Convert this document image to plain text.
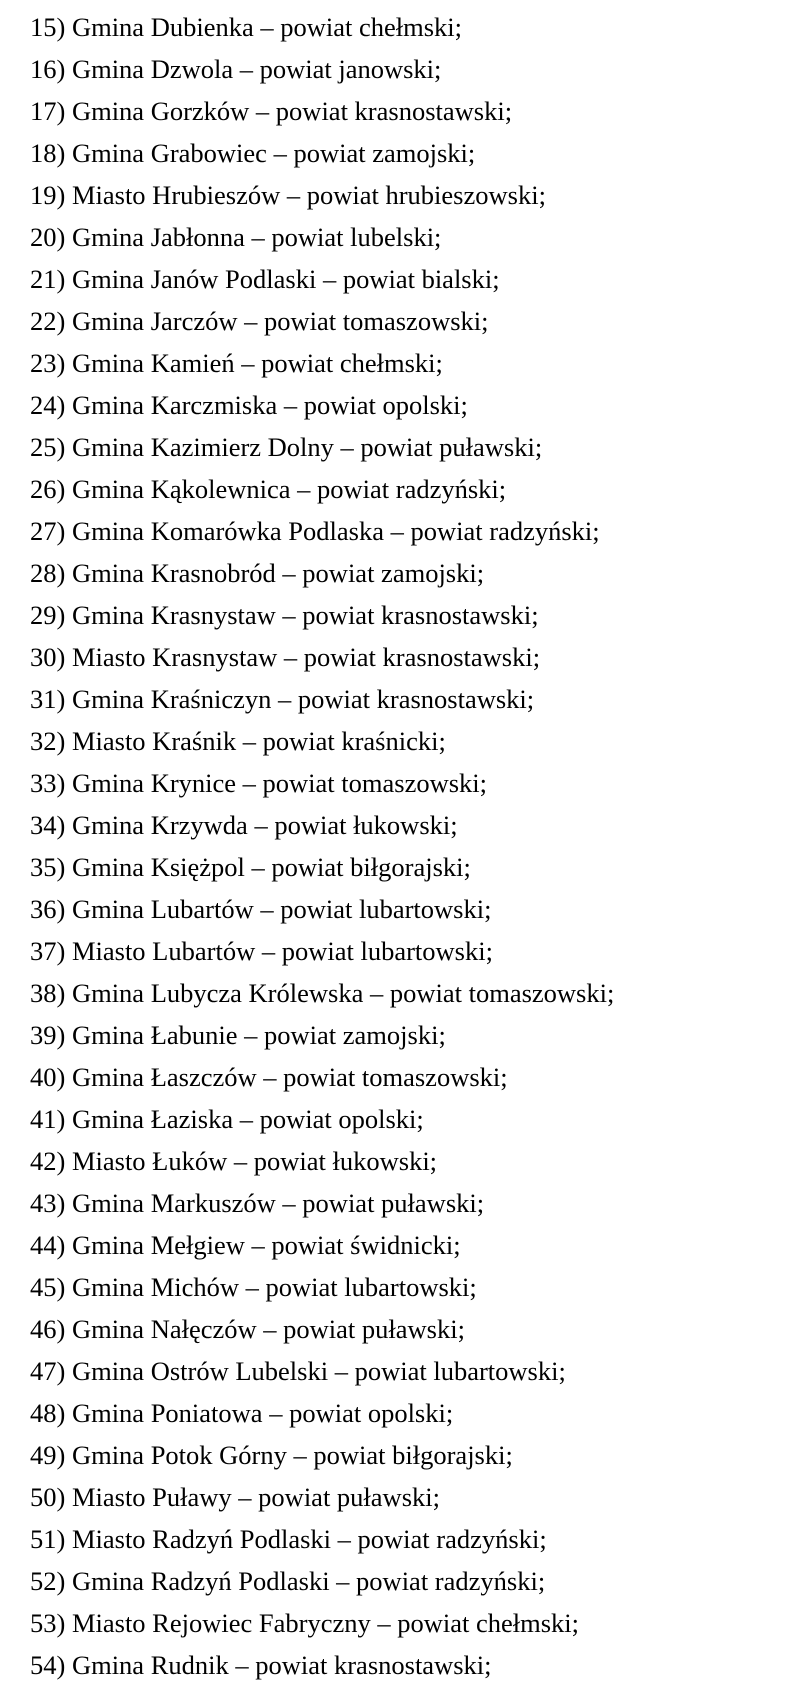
15) Gmina Dubienka – powiat chełmski;
16) Gmina Dzwola – powiat janowski;
17) Gmina Gorzków – powiat krasnostawski;
18) Gmina Grabowiec – powiat zamojski;
19) Miasto Hrubieszów – powiat hrubieszowski;
20) Gmina Jabłonna – powiat lubelski;
21) Gmina Janów Podlaski – powiat bialski;
22) Gmina Jarczów – powiat tomaszowski;
23) Gmina Kamień – powiat chełmski;
24) Gmina Karczmiska – powiat opolski;
25) Gmina Kazimierz Dolny – powiat puławski;
26) Gmina Kąkolewnica – powiat radzyński;
27) Gmina Komarówka Podlaska – powiat radzyński;
28) Gmina Krasnobród – powiat zamojski;
29) Gmina Krasnystaw – powiat krasnostawski;
30) Miasto Krasnystaw – powiat krasnostawski;
31) Gmina Kraśniczyn – powiat krasnostawski;
32) Miasto Kraśnik – powiat kraśnicki;
33) Gmina Krynice – powiat tomaszowski;
34) Gmina Krzywda – powiat łukowski;
35) Gmina Księżpol – powiat biłgorajski;
36) Gmina Lubartów – powiat lubartowski;
37) Miasto Lubartów – powiat lubartowski;
38) Gmina Lubycza Królewska – powiat tomaszowski;
39) Gmina Łabunie – powiat zamojski;
40) Gmina Łaszczów – powiat tomaszowski;
41) Gmina Łaziska – powiat opolski;
42) Miasto Łuków – powiat łukowski;
43) Gmina Markuszów – powiat puławski;
44) Gmina Mełgiew – powiat świdnicki;
45) Gmina Michów – powiat lubartowski;
46) Gmina Nałęczów – powiat puławski;
47) Gmina Ostrów Lubelski – powiat lubartowski;
48) Gmina Poniatowa – powiat opolski;
49) Gmina Potok Górny – powiat biłgorajski;
50) Miasto Puławy – powiat puławski;
51) Miasto Radzyń Podlaski – powiat radzyński;
52) Gmina Radzyń Podlaski – powiat radzyński;
53) Miasto Rejowiec Fabryczny – powiat chełmski;
54) Gmina Rudnik – powiat krasnostawski;
